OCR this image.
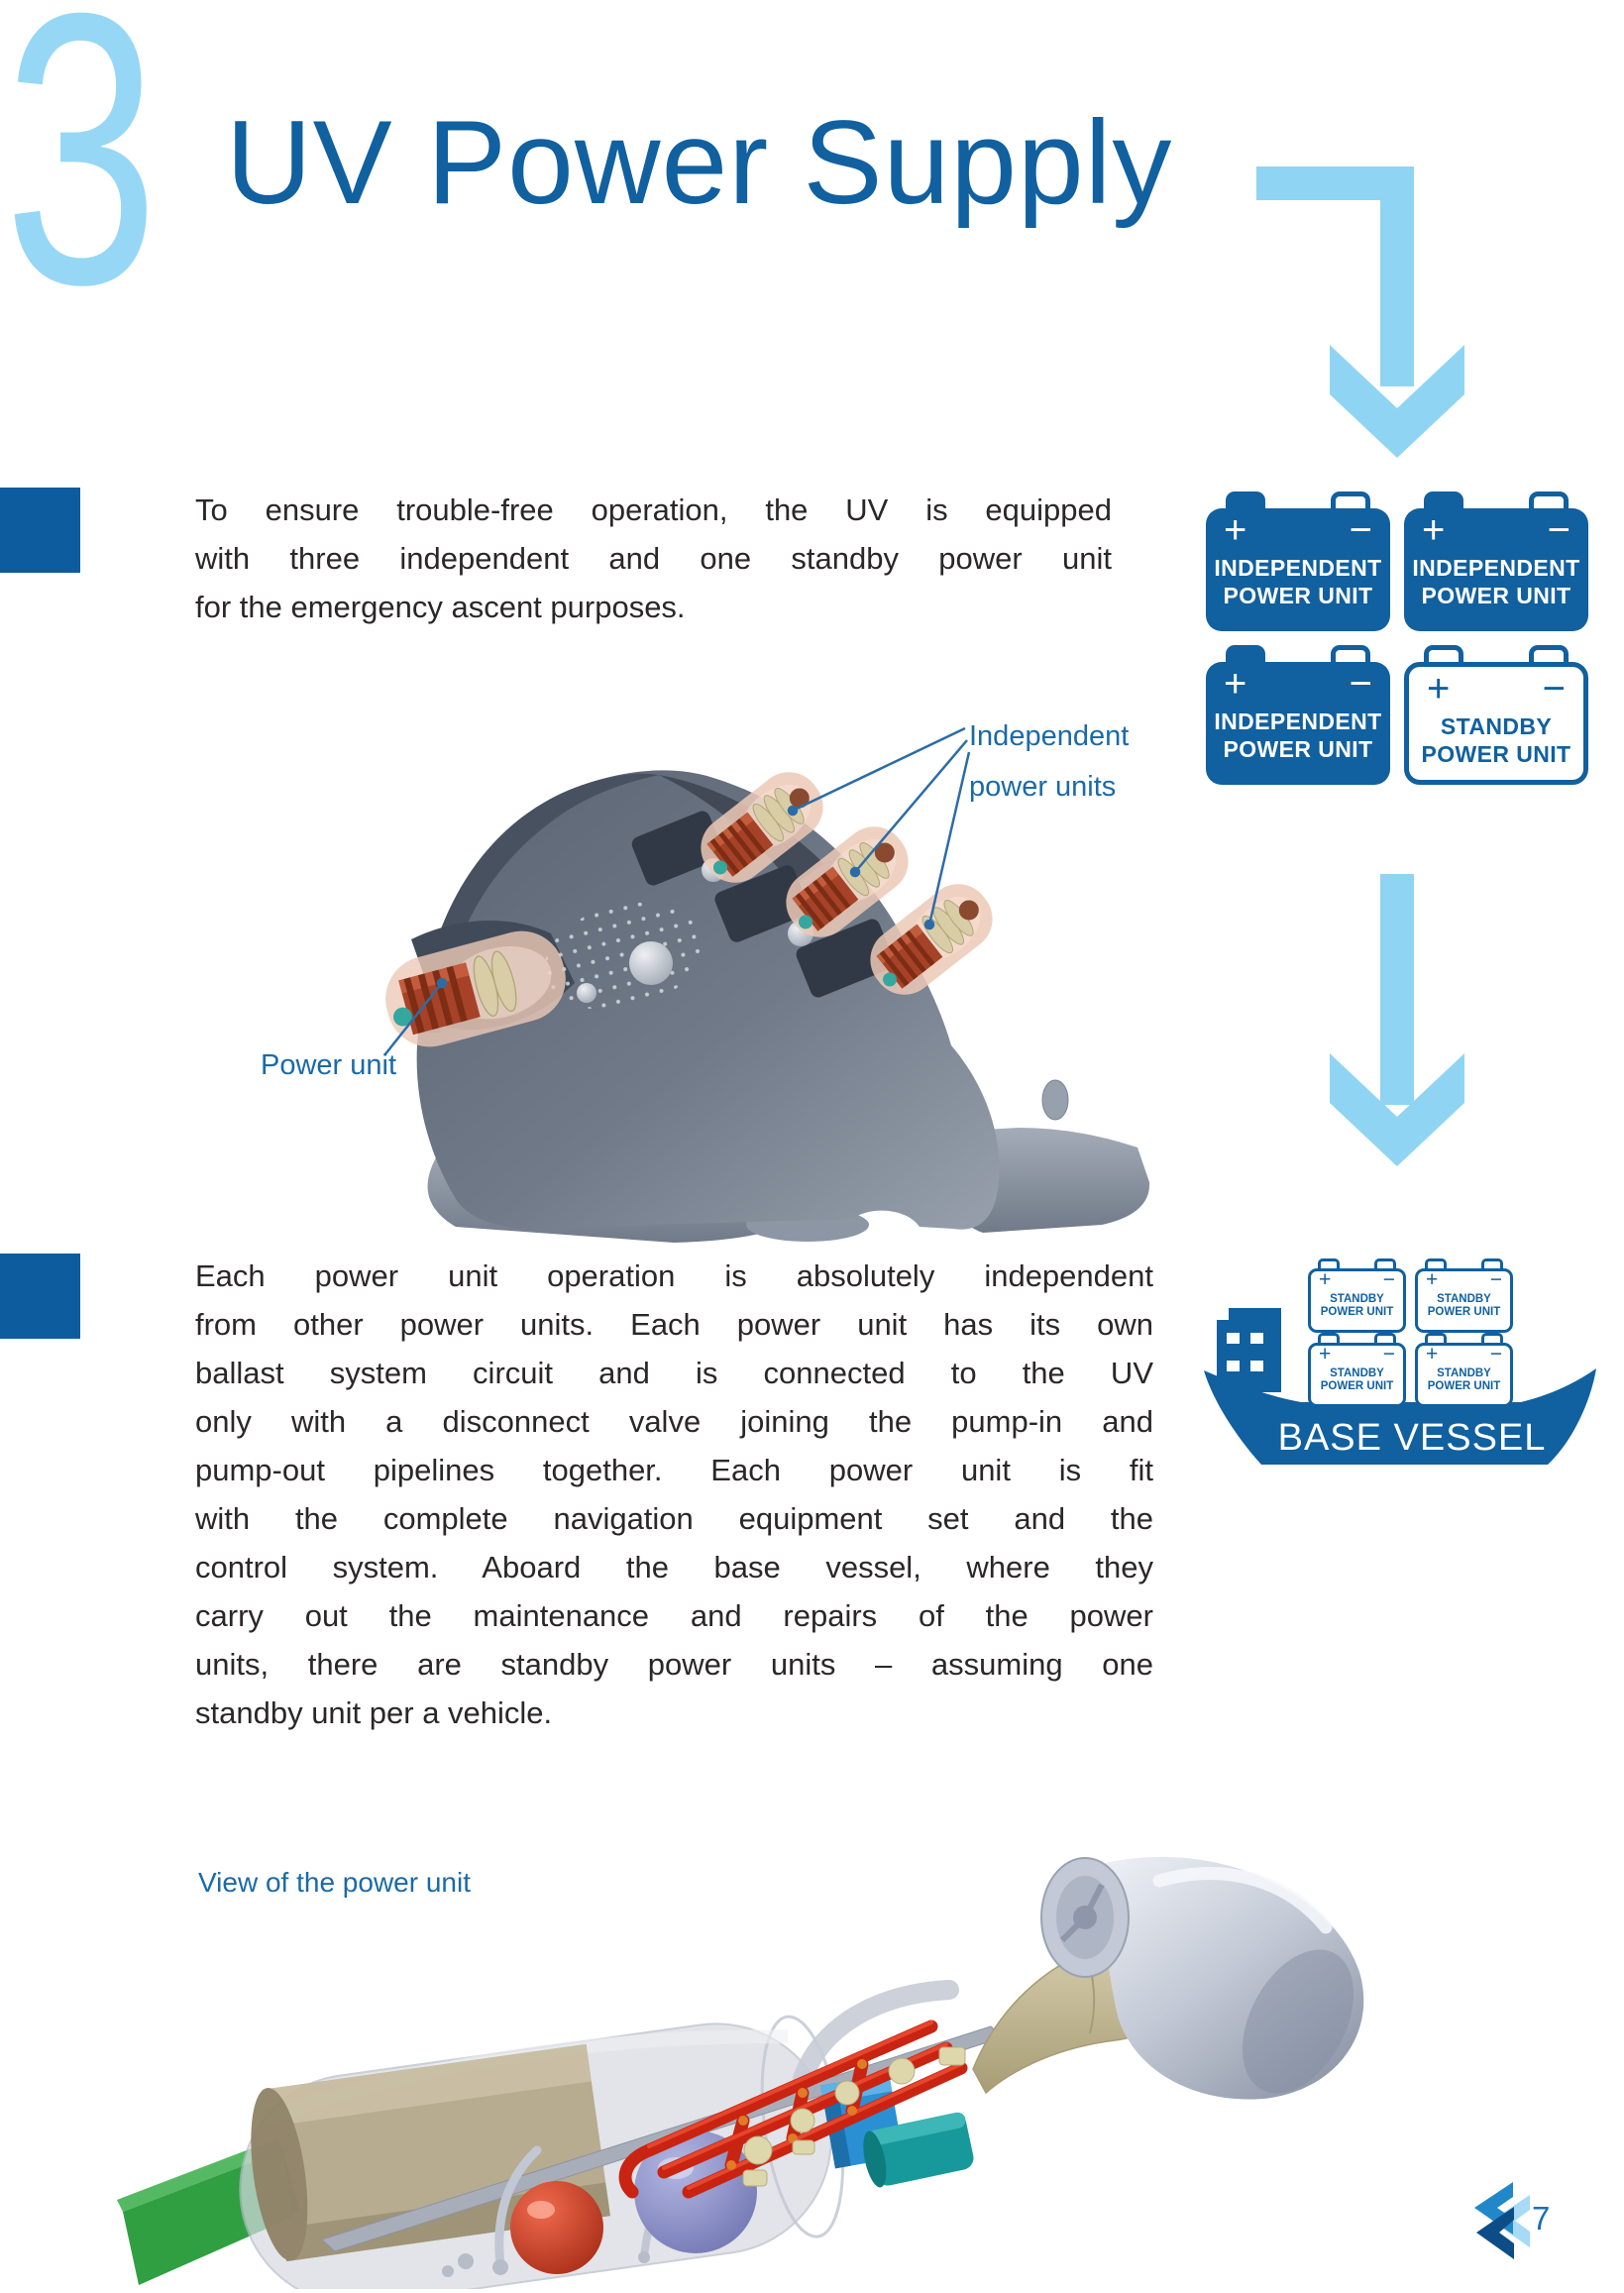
3 UV Power Supply
To ensure trouble-free operation, the UV is equipped
with three independent and one standby power unit
for the emergency ascent purposes.
+	−
INDEPENDENT
POWER UNIT
+	−
INDEPENDENT
POWER UNIT
+	−
INDEPENDENT
POWER UNIT
+ −
STANDBY
POWER UNIT
Independent
power units
Power unit
Each power unit operation is absolutely independent
from other power units. Each power unit has its own
ballast system circuit and is connected to the UV
only with a disconnect valve joining the pump-in and
pump-out pipelines together. Each power unit is fit
with the complete navigation equipment set and the
control system. Aboard the base vessel, where they
carry out the maintenance and repairs of the power
units, there are standby power units – assuming one
standby unit per a vehicle.
BASE VESSEL
+ −
STANDBY
POWER UNIT
+ −
STANDBY
POWER UNIT
+ −
STANDBY
POWER UNIT
+ −
STANDBY
POWER UNIT
View of the power unit
7
